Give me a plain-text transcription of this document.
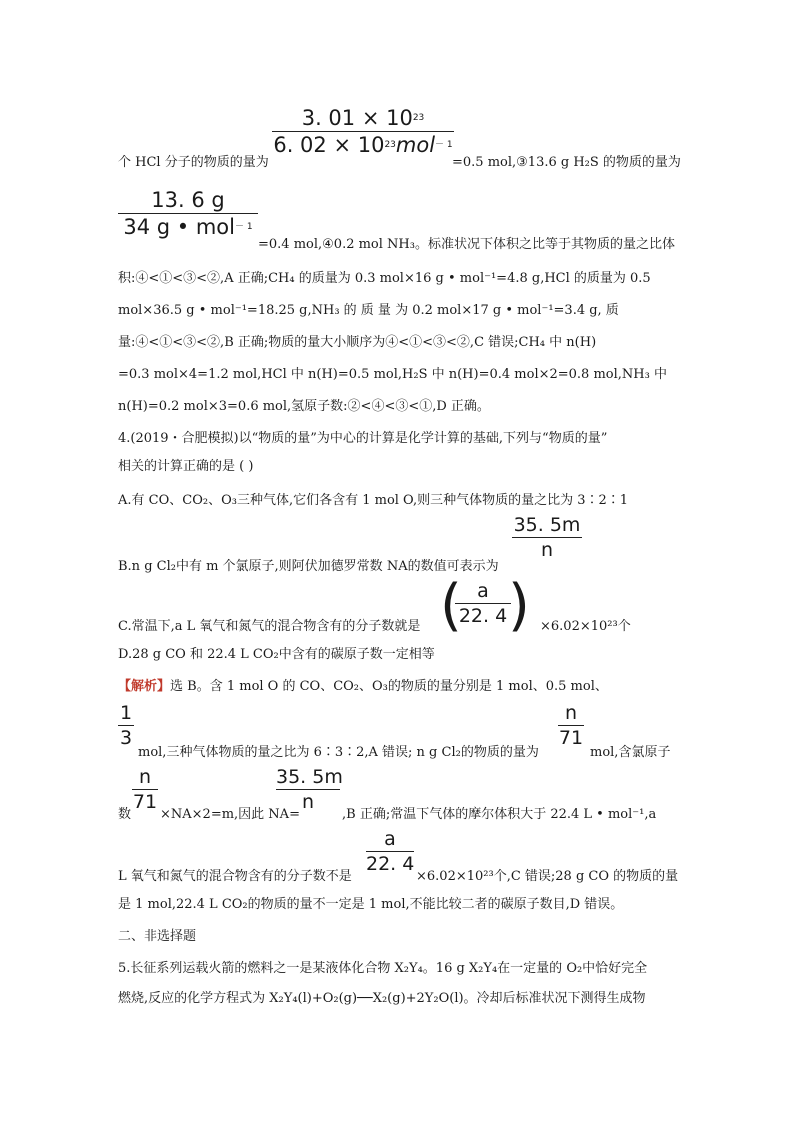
3. $01 \times 10^{23}$
6. $02 \times 10^{23}mol^{- 1}$
个 HCl 分子的物质的量为	=0.5 mol,③13.6 g H₂S 的物质的量为
13. 6 g
34 g • mol$^{- 1}$
=0.4 mol,④0.2 mol NH₃。标准状况下体积之比等于其物质的量之比体
积:④<①<③<②,A 正确;CH₄ 的质量为 0.3 mol×16 g • mol⁻¹=4.8 g,HCl 的质量为 0.5
mol×36.5 g • mol⁻¹=18.25 g,NH₃ 的 质 量 为 0.2 mol×17 g • mol⁻¹=3.4 g, 质
量:④<①<③<②,B 正确;物质的量大小顺序为④<①<③<②,C 错误;CH₄ 中 n(H)
=0.3 mol×4=1.2 mol,HCl 中 n(H)=0.5 mol,H₂S 中 n(H)=0.4 mol×2=0.8 mol,NH₃ 中
n(H)=0.2 mol×3=0.6 mol,氢原子数:②<④<③<①,D 正确。
4.(2019・合肥模拟)以“物质的量”为中心的计算是化学计算的基础,下列与“物质的量”
相关的计算正确的是 ( )
A.有 CO、CO₂、O₃三种气体,它们各含有 1 mol O,则三种气体物质的量之比为 3∶2∶1
35. 5m
n
B.n g Cl₂中有 m 个氯原子,则阿伏加德罗常数 NA的数值可表示为
( a
22. 4 )
C.常温下,a L 氧气和氮气的混合物含有的分子数就是	×6.02×10²³个
D.28 g CO 和 22.4 L CO₂中含有的碳原子数一定相等
【解析】选 B。含 1 mol O 的 CO、CO₂、O₃的物质的量分别是 1 mol、0.5 mol、
1
3
mol,三种气体物质的量之比为 6∶3∶2,A 错误; n g Cl₂的物质的量为
n
71
mol,含氯原子
数
n
71
×NA×2=m,因此 NA=
35. 5m
n
,B 正确;常温下气体的摩尔体积大于 22.4 L • mol⁻¹,a
a
22. 4
L 氧气和氮气的混合物含有的分子数不是	×6.02×10²³个,C 错误;28 g CO 的物质的量
是 1 mol,22.4 L CO₂的物质的量不一定是 1 mol,不能比较二者的碳原子数目,D 错误。
二、非选择题
5.长征系列运载火箭的燃料之一是某液体化合物 X₂Y₄。16 g X₂Y₄在一定量的 O₂中恰好完全
燃烧,反应的化学方程式为 X₂Y₄(l)+O₂(g)──X₂(g)+2Y₂O(l)。冷却后标准状况下测得生成物
